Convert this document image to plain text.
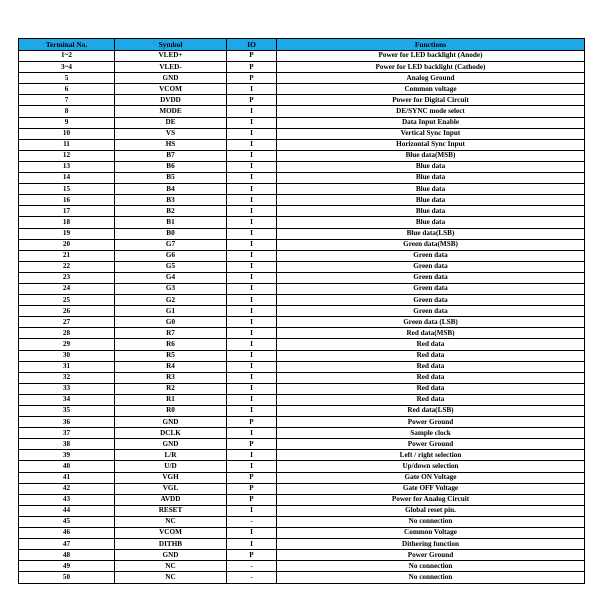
Terminal No.	Symbol	IO	Functions
1~2	VLED+	P	Power for LED backlight (Anode)
3~4	VLED-	P	Power for LED backlight (Cathode)
5	GND	P	Analog Ground
6	VCOM	I	Common voltage
7	DVDD	P	Power for Digital Circuit
8	MODE	I	DE/SYNC mode select
9	DE	I	Data Input Enable
10	VS	I	Vertical Sync Input
11	HS	I	Horizontal Sync Input
12	B7	I	Blue data(MSB)
13	B6	I	Blue data
14	B5	I	Blue data
15	B4	I	Blue data
16	B3	I	Blue data
17	B2	I	Blue data
18	B1	I	Blue data
19	B0	I	Blue data(LSB)
20	G7	I	Green data(MSB)
21	G6	I	Green data
22	G5	I	Green data
23	G4	I	Green data
24	G3	I	Green data
25	G2	I	Green data
26	G1	I	Green data
27	G0	I	Green data (LSB)
28	R7	I	Red data(MSB)
29	R6	I	Red data
30	R5	I	Red data
31	R4	I	Red data
32	R3	I	Red data
33	R2	I	Red data
34	R1	I	Red data
35	R0	I	Red data(LSB)
36	GND	P	Power Ground
37	DCLK	I	Sample clock
38	GND	P	Power Ground
39	L/R	I	Left / right selection
40	U/D	I	Up/down selection
41	VGH	P	Gate ON Voltage
42	VGL	P	Gate OFF Voltage
43	AVDD	P	Power for Analog Circuit
44	RESET	I	Global reset pin.
45	NC	-	No connection
46	VCOM	I	Common Voltage
47	DITHB	I	Dithering function
48	GND	P	Power Ground
49	NC	-	No connection
50	NC	-	No connection
